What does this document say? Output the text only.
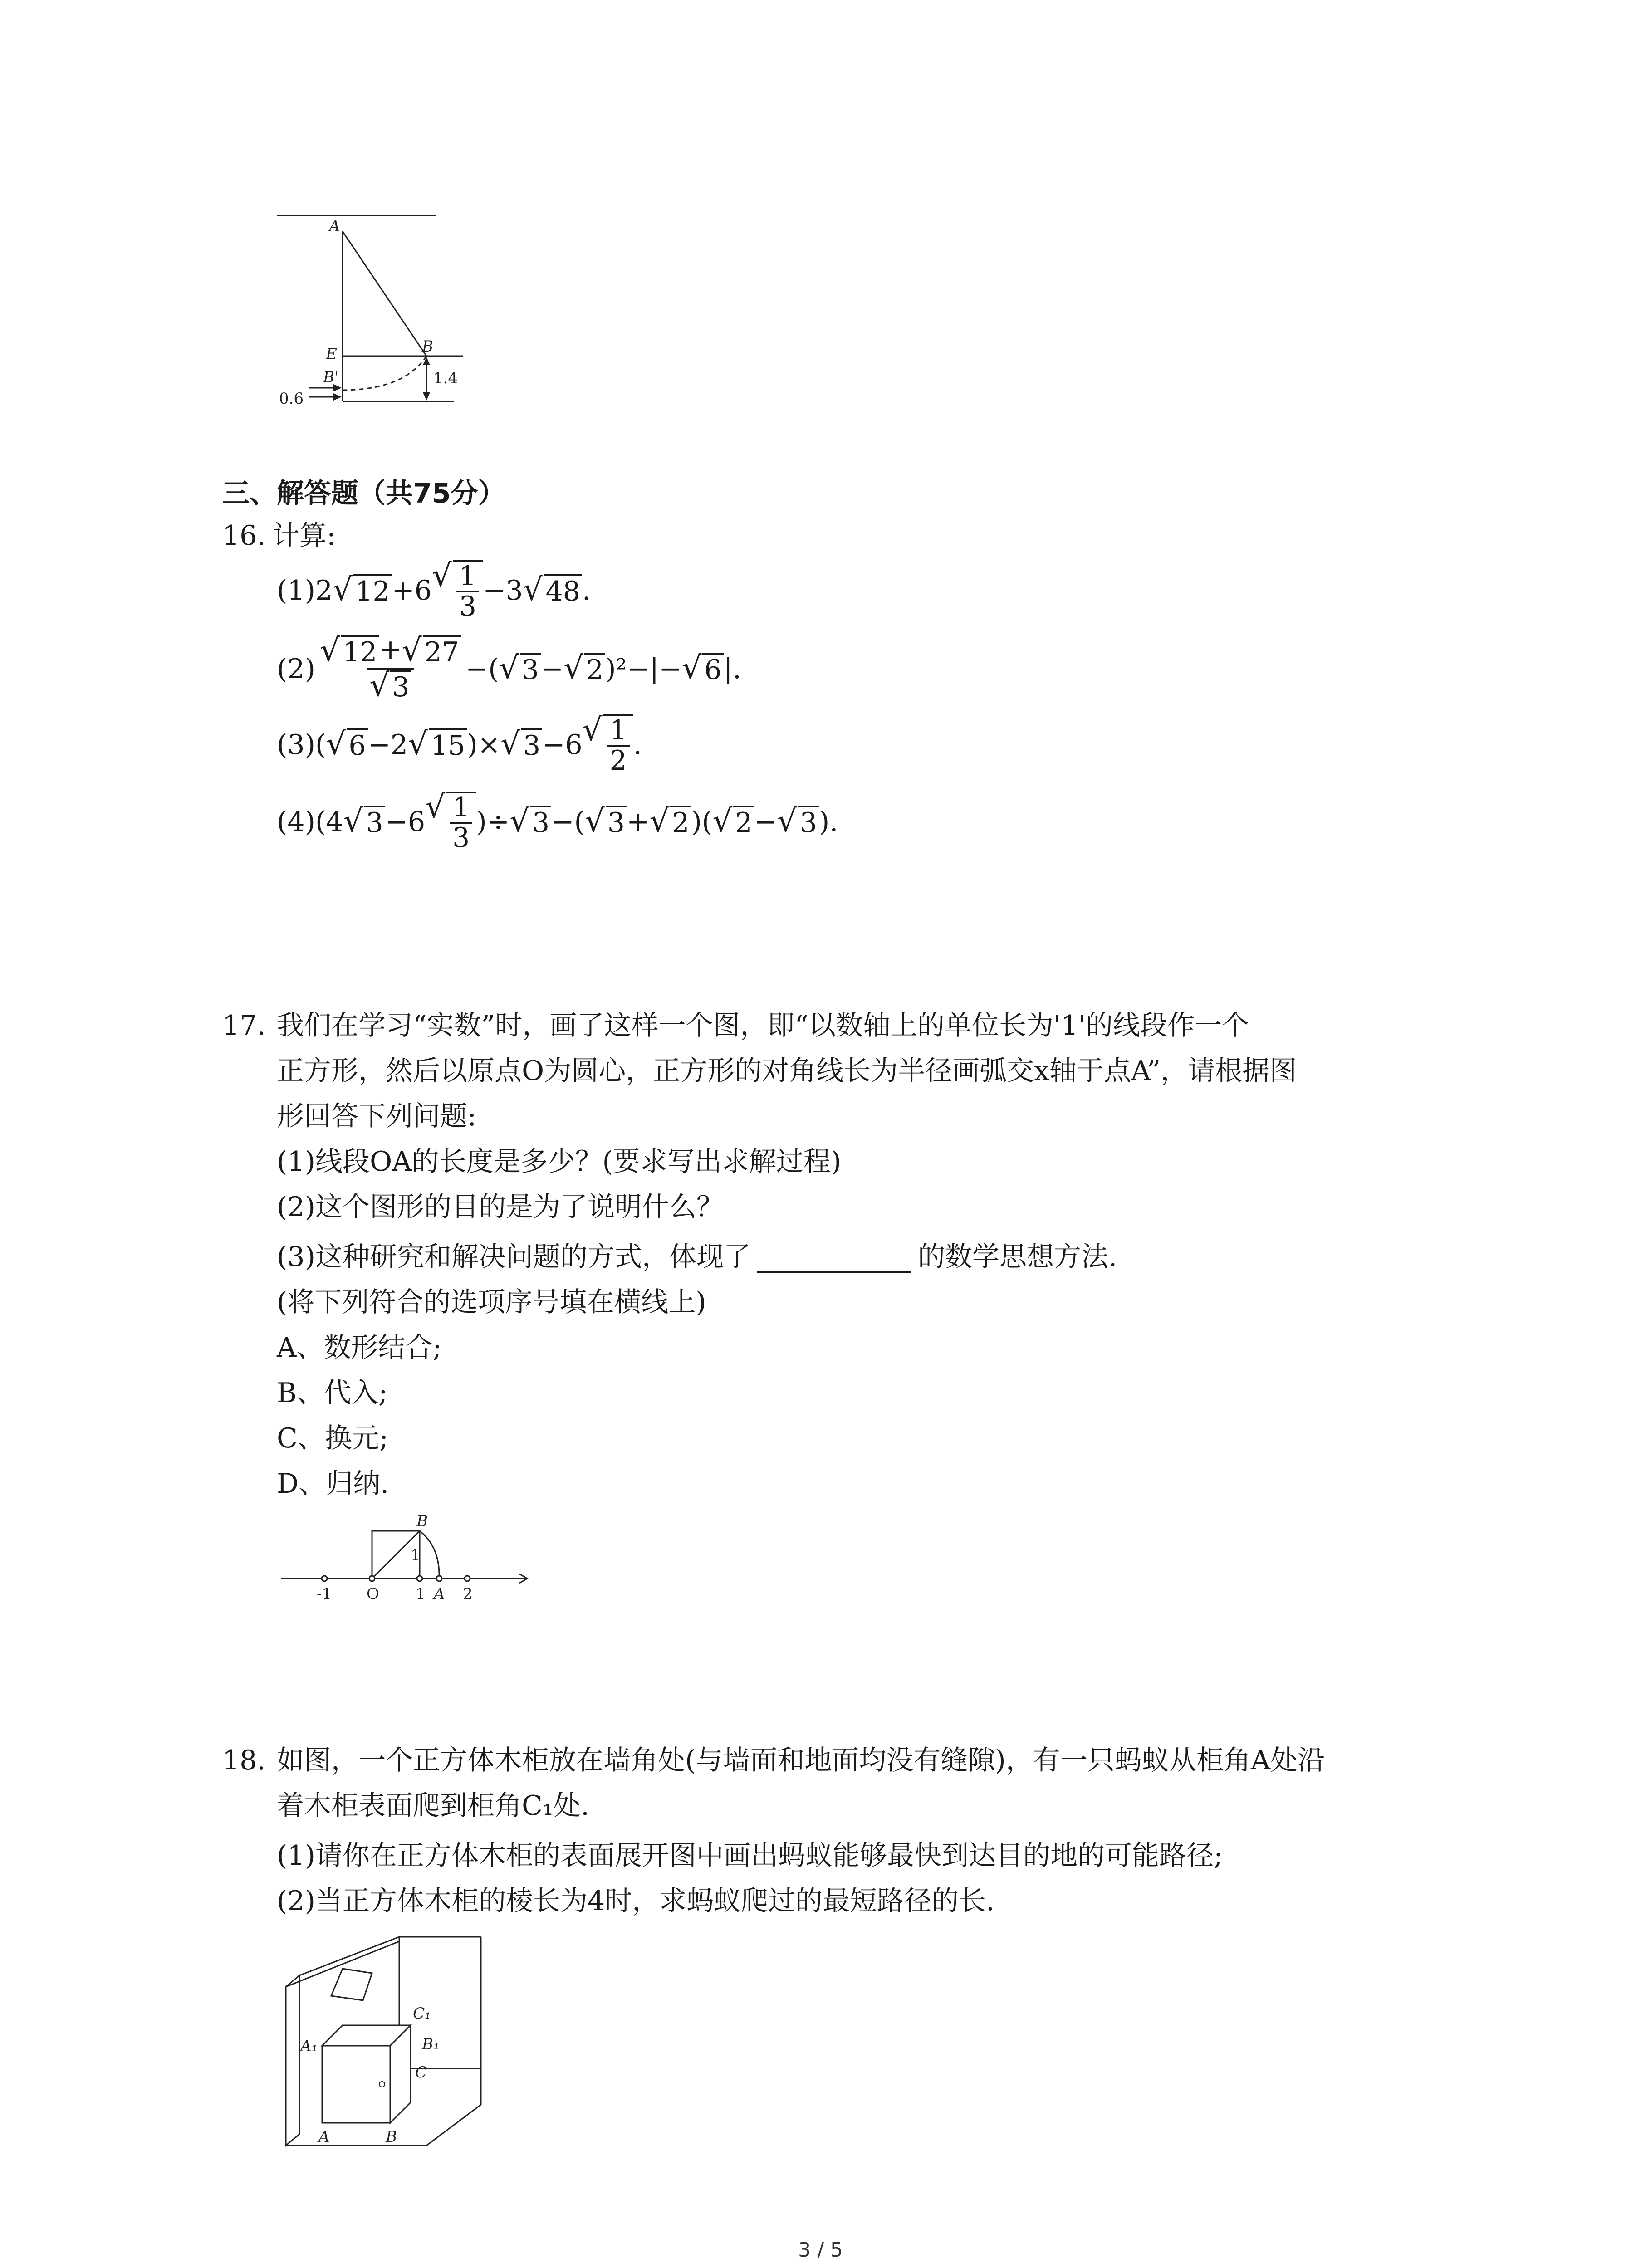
A
B
E
B'	1.4
0.6
三、解答题（共75分）
16. 计算:
(1)2 √ 12 +6 √ $\frac{1}{3} -3$ √ 48 .
$(2) \frac{√ 12 + √ 27}{√ 3}$ −( √ 3 − √ 2 )²−|− √ 6 |.
(3)( √ 6 −2 √ 15 )× √ 3 −6 √ $\frac{1}{2}$ .
(4)(4 √ 3 −6 √ $\frac{1}{3}$ )÷ √ 3 −( √ 3 + √ 2 )( √ 2 − √ 3 ).
17. 我们在学习“实数”时，画了这样一个图，即“以数轴上的单位长为'1'的线段作一个
正方形，然后以原点O为圆心，正方形的对角线长为半径画弧交x轴于点A”，请根据图
形回答下列问题:
(1)线段OA的长度是多少？(要求写出求解过程)
(2)这个图形的目的是为了说明什么？
(3)这种研究和解决问题的方式，体现了	的数学思想方法.
(将下列符合的选项序号填在横线上)
A、数形结合;
B、代入;
C、换元;
D、归纳.
-1 O 1 A 2
B
1
18. 如图，一个正方体木柜放在墙角处(与墙面和地面均没有缝隙)，有一只蚂蚁从柜角A处沿
着木柜表面爬到柜角C₁处.
(1)请你在正方体木柜的表面展开图中画出蚂蚁能够最快到达目的地的可能路径;
(2)当正方体木柜的棱长为4时，求蚂蚁爬过的最短路径的长.
C₁
B₁
A₁
C
A	B
3 / 5
